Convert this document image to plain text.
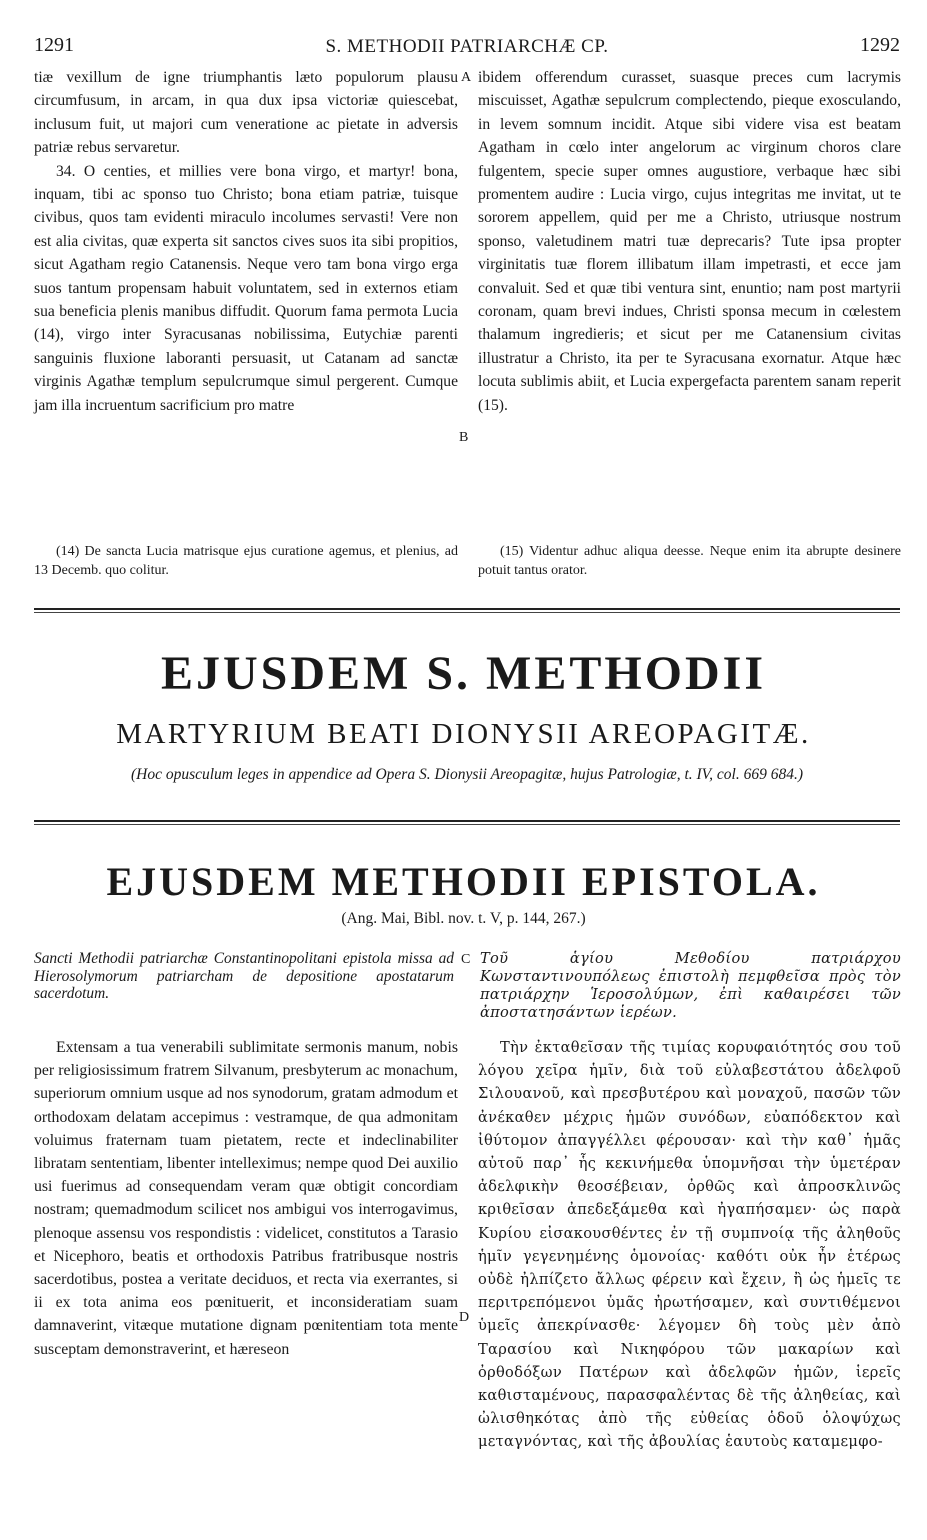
1291	S. METHODII PATRIARCHÆ CP.	1292

tiæ vexillum de igne triumphantis læto populorum plausu circumfusum, in arcam, in qua dux ipsa victoriæ quiescebat, inclusum fuit, ut majori cum veneratione ac pietate in adversis patriæ rebus servaretur.

34. O centies, et millies vere bona virgo, et martyr! bona, inquam, tibi ac sponso tuo Christo; bona etiam patriæ, tuisque civibus, quos tam evidenti miraculo incolumes servasti! Vere non est alia civitas, quæ experta sit sanctos cives suos ita sibi propitios, sicut Agatham regio Catanensis. Neque vero tam bona virgo erga suos tantum propensam habuit voluntatem, sed in externos etiam sua beneficia plenis manibus diffudit. Quorum fama permota Lucia (14), virgo inter Syracusanas nobilissima, Eutychiæ parenti sanguinis fluxione laboranti persuasit, ut Catanam ad sanctæ virginis Agathæ templum sepulcrumque simul pergerent. Cumque jam illa incruentum sacrificium pro matre

A
B

ibidem offerendum curasset, suasque preces cum lacrymis miscuisset, Agathæ sepulcrum complectendo, pieque exosculando, in levem somnum incidit. Atque sibi videre visa est beatam Agatham in cœlo inter angelorum ac virginum choros clare fulgentem, specie super omnes augustiore, verbaque hæc sibi promentem audire : Lucia virgo, cujus integritas me invitat, ut te sororem appellem, quid per me a Christo, utriusque nostrum sponso, valetudinem matri tuæ deprecaris? Tute ipsa propter virginitatis tuæ florem illibatum illam impetrasti, et ecce jam convaluit. Sed et quæ tibi ventura sint, enuntio; nam post martyrii coronam, quam brevi indues, Christi sponsa mecum in cœlestem thalamum ingredieris; et sicut per me Catanensium civitas illustratur a Christo, ita per te Syracusana exornatur. Atque hæc locuta sublimis abiit, et Lucia expergefacta parentem sanam reperit (15).

(14) De sancta Lucia matrisque ejus curatione agemus, et plenius, ad 13 Decemb. quo colitur.

(15) Videntur adhuc aliqua deesse. Neque enim ita abrupte desinere potuit tantus orator.

EJUSDEM S. METHODII
MARTYRIUM BEATI DIONYSII AREOPAGITÆ.
(Hoc opusculum leges in appendice ad Opera S. Dionysii Areopagitæ, hujus Patrologiæ, t. IV, col. 669 684.)
EJUSDEM METHODII EPISTOLA.
(Ang. Mai, Bibl. nov. t. V, p. 144, 267.)
Sancti Methodii patriarchæ Constantinopolitani epistola missa ad Hierosolymorum patriarcham de depositione apostatarum sacerdotum.
C Τοῦ ἁγίου Μεθοδίου πατριάρχου Κωνσταντινουπόλεως ἐπιστολὴ πεμφθεῖσα πρὸς τὸν πατριάρχην Ἱεροσολύμων, ἐπὶ καθαιρέσει τῶν ἀποστατησάντων ἱερέων.

Extensam a tua venerabili sublimitate sermonis manum, nobis per religiosissimum fratrem Silvanum, presbyterum ac monachum, superiorum omnium usque ad nos synodorum, gratam admodum et orthodoxam delatam accepimus : vestramque, de qua admonitam voluimus fraternam tuam pietatem, recte et indeclinabiliter libratam sententiam, libenter intelleximus; nempe quod Dei auxilio usi fuerimus ad consequendam veram quæ obtigit concordiam nostram; quemadmodum scilicet nos ambigui vos interrogavimus, plenoque assensu vos respondistis : videlicet, constitutos a Tarasio et Nicephoro, beatis et orthodoxis Patribus fratribusque nostris sacerdotibus, postea a veritate deciduos, et recta via exerrantes, si ii ex tota anima eos pœnituerit, et inconsideratiam suam damnaverint, vitæque mutatione dignam pœnitentiam tota mente susceptam demonstraverint, et hæreseon

D

Τὴν ἐκταθεῖσαν τῆς τιμίας κορυφαιότητός σου τοῦ λόγου χεῖρα ἡμῖν, διὰ τοῦ εὐλαβεστάτου ἀδελφοῦ Σιλουανοῦ, καὶ πρεσβυτέρου καὶ μοναχοῦ, πασῶν τῶν ἀνέκαθεν μέχρις ἡμῶν συνόδων, εὐαπόδεκτον καὶ ἰθύτομον ἀπαγγέλλει φέρουσαν· καὶ τὴν καθ᾿ ἡμᾶς αὐτοῦ παρ᾿ ἧς κεκινήμεθα ὑπομνῆσαι τὴν ὑμετέραν ἀδελφικὴν θεοσέβειαν, ὀρθῶς καὶ ἀπροσκλινῶς κριθεῖσαν ἀπεδεξάμεθα καὶ ἠγαπήσαμεν· ὡς παρὰ Κυρίου εἰσακουσθέντες ἐν τῇ συμπνοίᾳ τῆς ἀληθοῦς ἡμῖν γεγενημένης ὁμονοίας· καθότι οὐκ ἦν ἑτέρως οὐδὲ ἠλπίζετο ἄλλως φέρειν καὶ ἔχειν, ἢ ὡς ἡμεῖς τε περιτρεπόμενοι ὑμᾶς ἠρωτήσαμεν, καὶ συντιθέμενοι ὑμεῖς ἀπεκρίνασθε· λέγομεν δὴ τοὺς μὲν ἀπὸ Ταρασίου καὶ Νικηφόρου τῶν μακαρίων καὶ ὀρθοδόξων Πατέρων καὶ ἀδελφῶν ἡμῶν, ἱερεῖς καθισταμένους, παρασφαλέντας δὲ τῆς ἀληθείας, καὶ ὠλισθηκότας ἀπὸ τῆς εὐθείας ὁδοῦ ὁλοψύχως μεταγνόντας, καὶ τῆς ἀβουλίας ἑαυτοὺς καταμεμφο-
